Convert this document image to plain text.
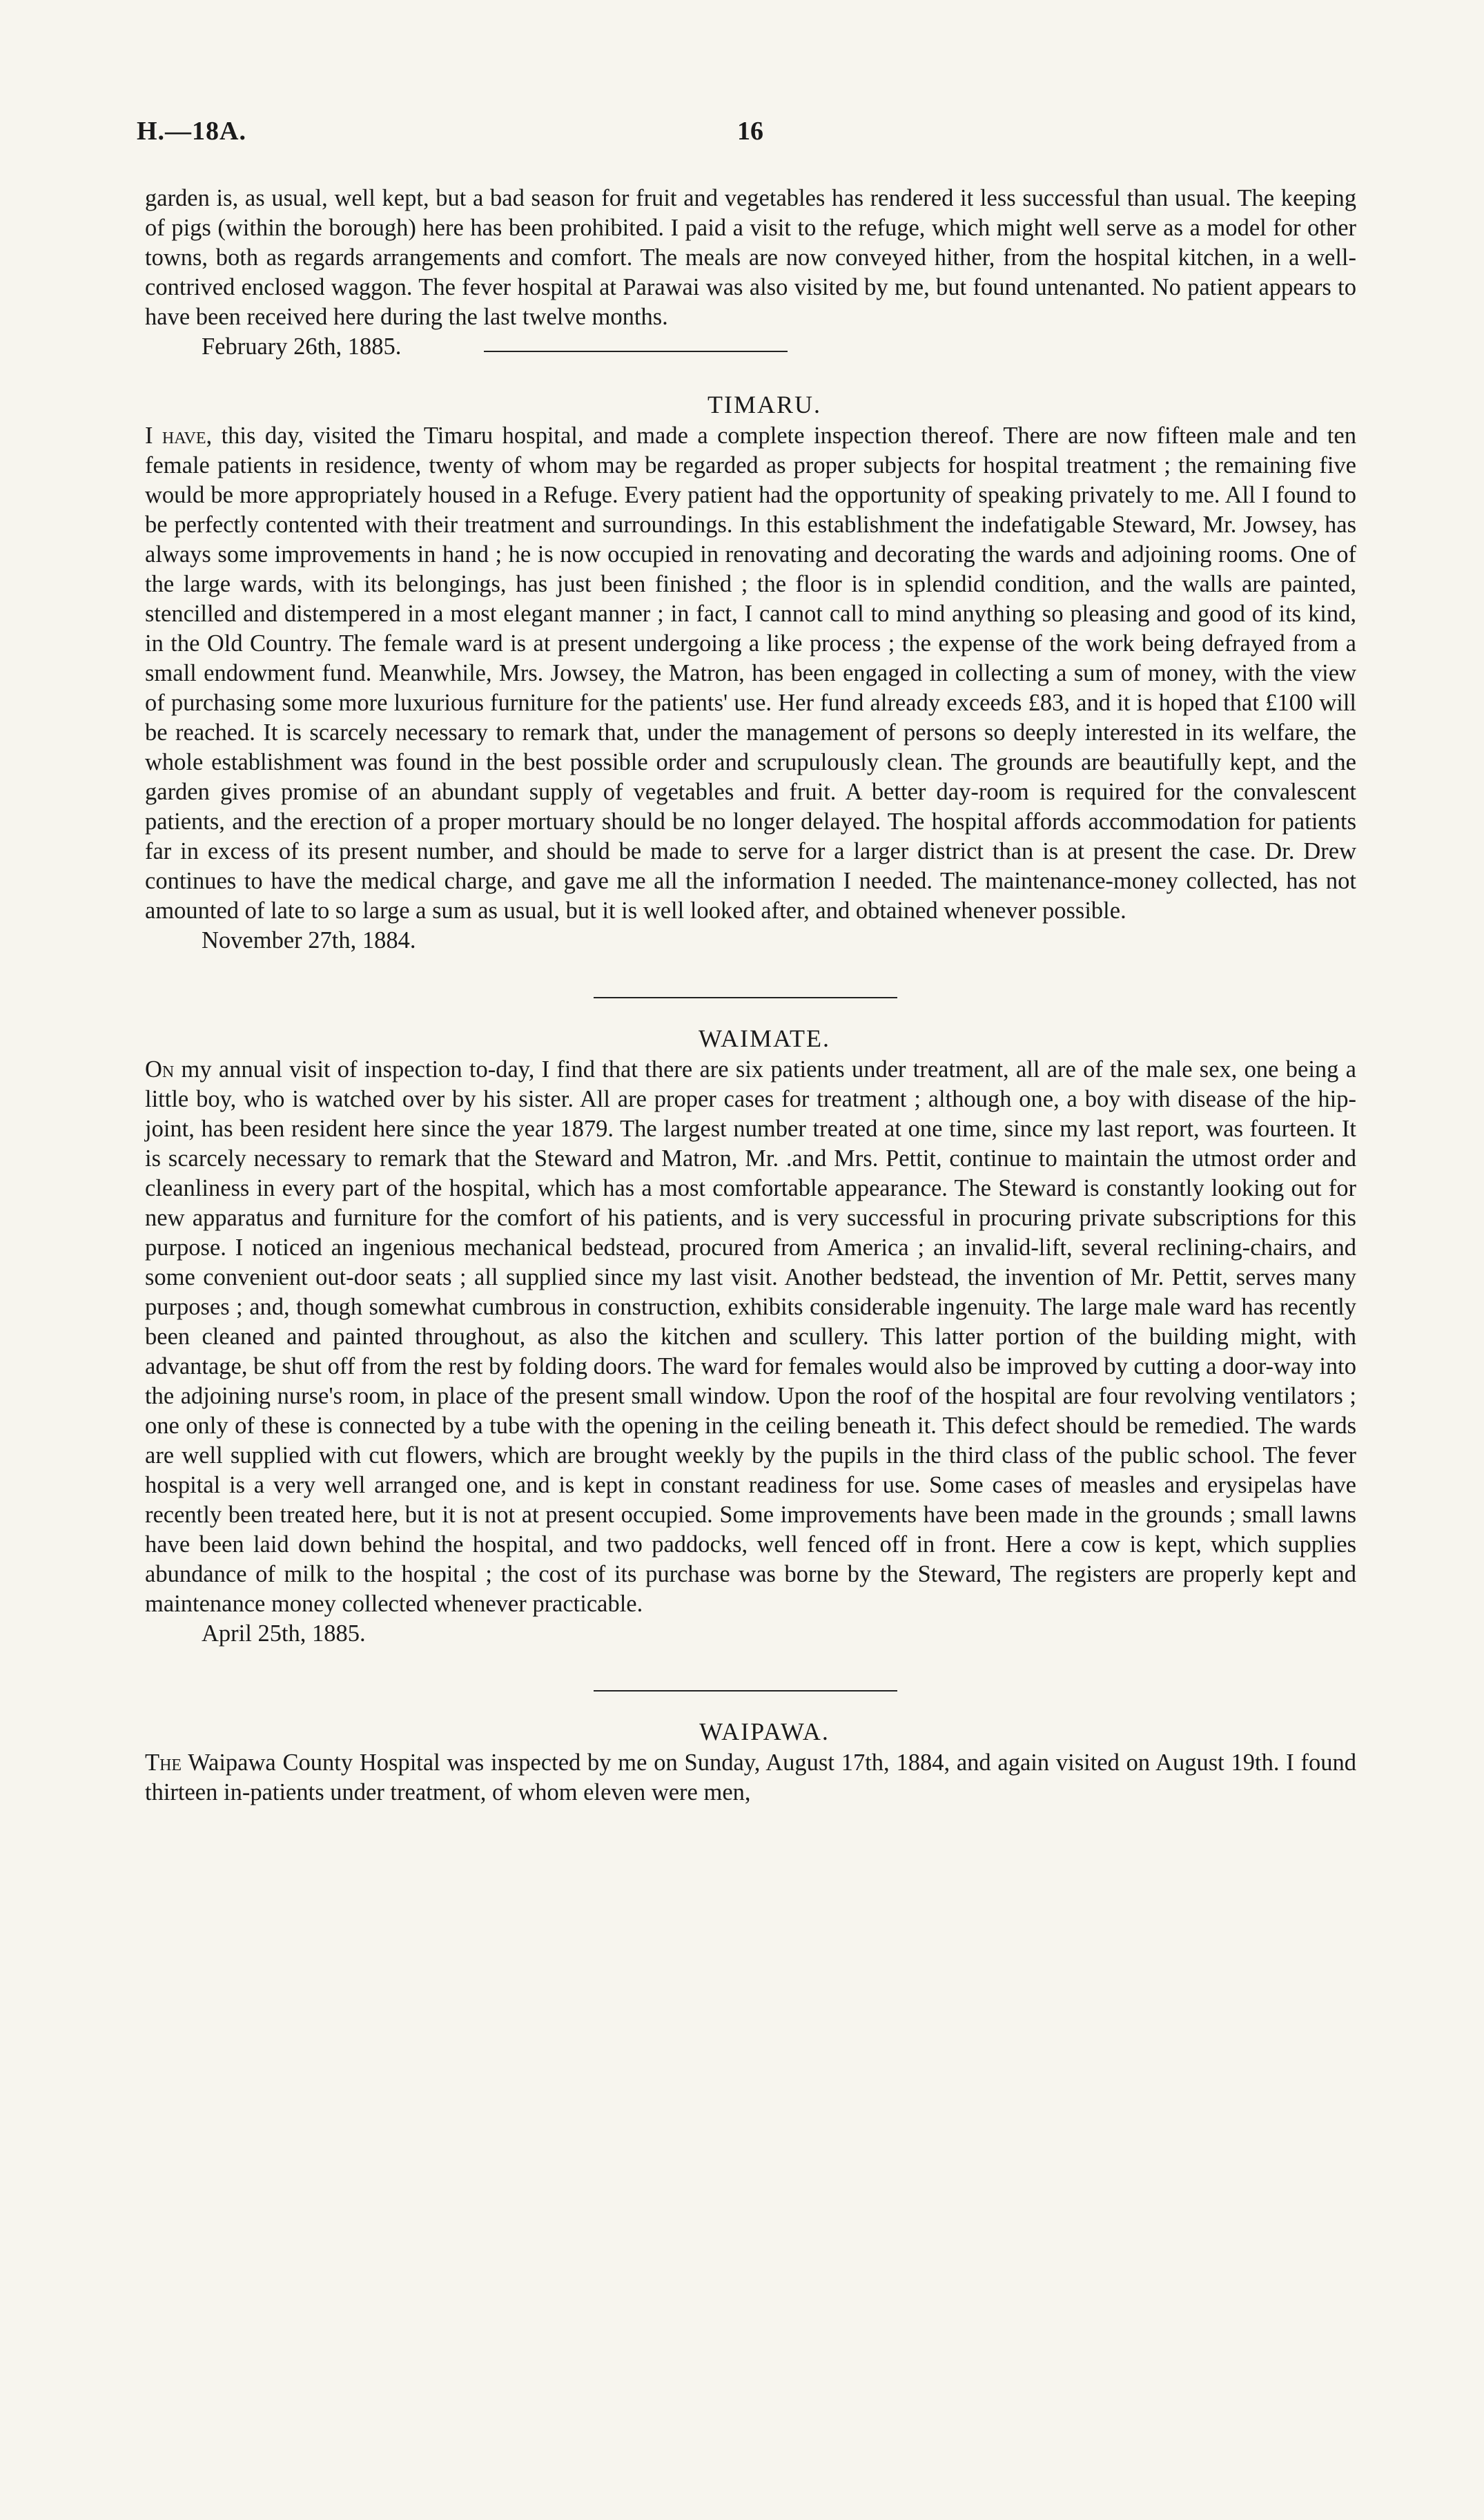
H.—18A.	16

garden is, as usual, well kept, but a bad season for fruit and vegetables has rendered it less successful than usual. The keeping of pigs (within the borough) here has been prohibited. I paid a visit to the refuge, which might well serve as a model for other towns, both as regards arrangements and comfort. The meals are now conveyed hither, from the hospital kitchen, in a well-contrived enclosed waggon. The fever hospital at Parawai was also visited by me, but found untenanted. No patient appears to have been received here during the last twelve months.

February 26th, 1885.
TIMARU.

I have, this day, visited the Timaru hospital, and made a complete inspection thereof. There are now fifteen male and ten female patients in residence, twenty of whom may be regarded as proper subjects for hospital treatment ; the remaining five would be more appropriately housed in a Refuge. Every patient had the opportunity of speaking privately to me. All I found to be perfectly contented with their treatment and surroundings. In this establishment the indefatigable Steward, Mr. Jowsey, has always some improvements in hand ; he is now occupied in renovating and decorating the wards and adjoining rooms. One of the large wards, with its belongings, has just been finished ; the floor is in splendid condition, and the walls are painted, stencilled and distempered in a most elegant manner ; in fact, I cannot call to mind anything so pleasing and good of its kind, in the Old Country. The female ward is at present undergoing a like process ; the expense of the work being defrayed from a small endowment fund. Meanwhile, Mrs. Jowsey, the Matron, has been engaged in collecting a sum of money, with the view of purchasing some more luxurious furniture for the patients' use. Her fund already exceeds £83, and it is hoped that £100 will be reached. It is scarcely necessary to remark that, under the management of persons so deeply interested in its welfare, the whole establishment was found in the best possible order and scrupulously clean. The grounds are beautifully kept, and the garden gives promise of an abundant supply of vegetables and fruit. A better day-room is required for the convalescent patients, and the erection of a proper mortuary should be no longer delayed. The hospital affords accommodation for patients far in excess of its present number, and should be made to serve for a larger district than is at present the case. Dr. Drew continues to have the medical charge, and gave me all the information I needed. The maintenance-money collected, has not amounted of late to so large a sum as usual, but it is well looked after, and obtained whenever possible.

November 27th, 1884.
WAIMATE.

On my annual visit of inspection to-day, I find that there are six patients under treatment, all are of the male sex, one being a little boy, who is watched over by his sister. All are proper cases for treatment ; although one, a boy with disease of the hip-joint, has been resident here since the year 1879. The largest number treated at one time, since my last report, was fourteen. It is scarcely necessary to remark that the Steward and Matron, Mr. .and Mrs. Pettit, continue to maintain the utmost order and cleanliness in every part of the hospital, which has a most comfortable appearance. The Steward is constantly looking out for new apparatus and furniture for the comfort of his patients, and is very successful in procuring private subscriptions for this purpose. I noticed an ingenious mechanical bedstead, procured from America ; an invalid-lift, several reclining-chairs, and some convenient out-door seats ; all supplied since my last visit. Another bedstead, the invention of Mr. Pettit, serves many purposes ; and, though somewhat cumbrous in construction, exhibits considerable ingenuity. The large male ward has recently been cleaned and painted throughout, as also the kitchen and scullery. This latter portion of the building might, with advantage, be shut off from the rest by folding doors. The ward for females would also be improved by cutting a door-way into the adjoining nurse's room, in place of the present small window. Upon the roof of the hospital are four revolving ventilators ; one only of these is connected by a tube with the opening in the ceiling beneath it. This defect should be remedied. The wards are well supplied with cut flowers, which are brought weekly by the pupils in the third class of the public school. The fever hospital is a very well arranged one, and is kept in constant readiness for use. Some cases of measles and erysipelas have recently been treated here, but it is not at present occupied. Some improvements have been made in the grounds ; small lawns have been laid down behind the hospital, and two paddocks, well fenced off in front. Here a cow is kept, which supplies abundance of milk to the hospital ; the cost of its purchase was borne by the Steward, The registers are properly kept and maintenance money collected whenever practicable.

April 25th, 1885.
WAIPAWA.

The Waipawa County Hospital was inspected by me on Sunday, August 17th, 1884, and again visited on August 19th. I found thirteen in-patients under treatment, of whom eleven were men,
